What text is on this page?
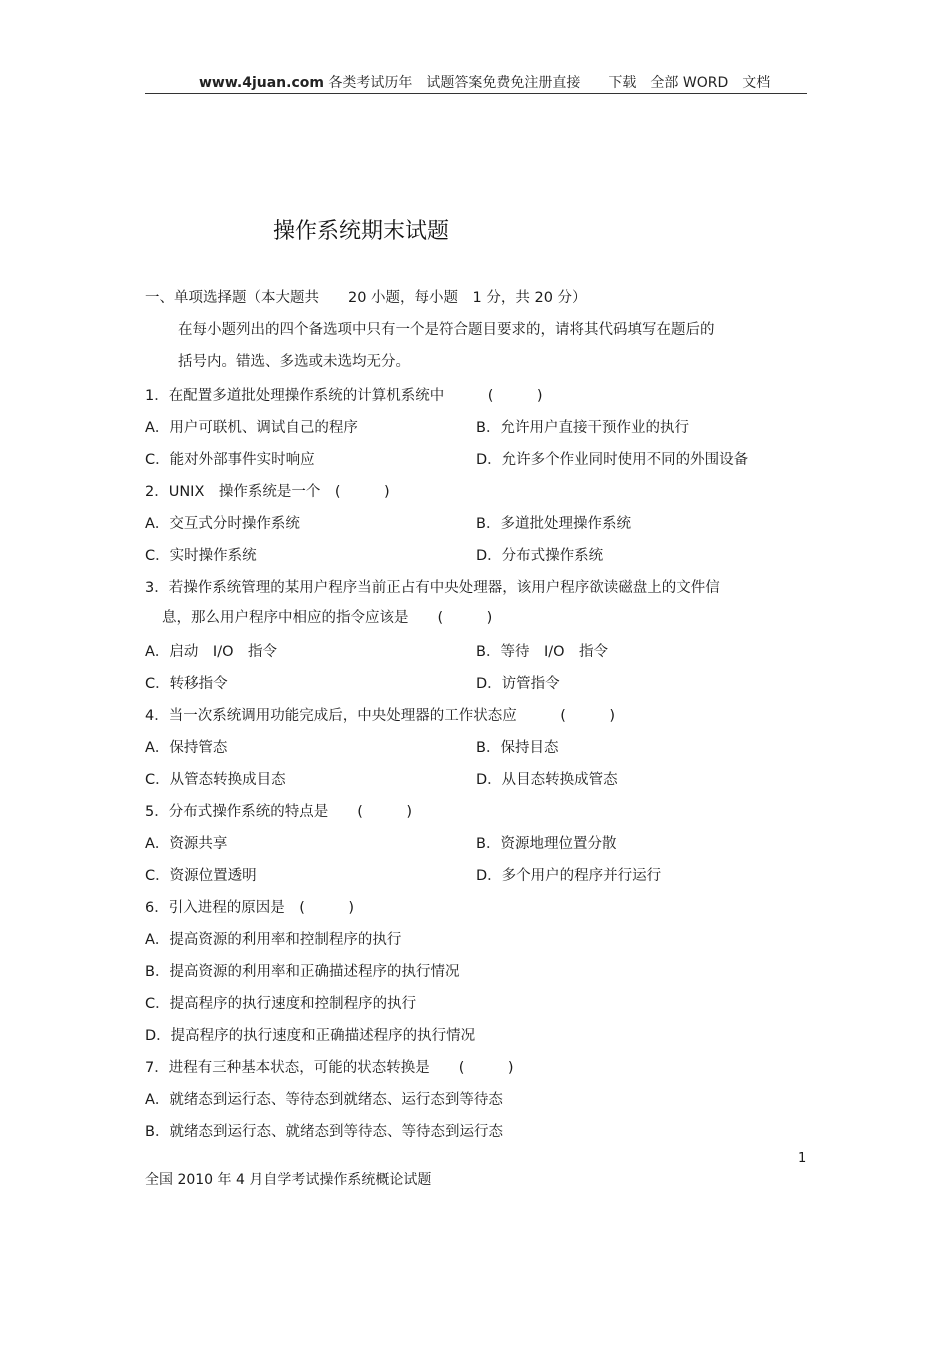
www.4juan.com 各类考试历年　试题答案免费免注册直接　　下载　全部 WORD　文档
操作系统期末试题
一、单项选择题（本大题共　　20 小题，每小题　1 分，共 20 分）
在每小题列出的四个备选项中只有一个是符合题目要求的，请将其代码填写在题后的
括号内。错选、多选或未选均无分。
1．在配置多道批处理操作系统的计算机系统中　　　(　　　)
A．用户可联机、调试自己的程序	B．允许用户直接干预作业的执行
C．能对外部事件实时响应	D．允许多个作业同时使用不同的外围设备
2．UNIX　操作系统是一个　(　　　)
A．交互式分时操作系统	B．多道批处理操作系统
C．实时操作系统	D．分布式操作系统
3．若操作系统管理的某用户程序当前正占有中央处理器，该用户程序欲读磁盘上的文件信
息，那么用户程序中相应的指令应该是　　(　　　)
A．启动　I/O　指令	B．等待　I/O　指令
C．转移指令	D．访管指令
4．当一次系统调用功能完成后，中央处理器的工作状态应　　　(　　　)
A．保持管态	B．保持目态
C．从管态转换成目态	D．从目态转换成管态
5．分布式操作系统的特点是　　(　　　)
A．资源共享	B．资源地理位置分散
C．资源位置透明	D．多个用户的程序并行运行
6．引入进程的原因是　(　　　)
A．提高资源的利用率和控制程序的执行
B．提高资源的利用率和正确描述程序的执行情况
C．提高程序的执行速度和控制程序的执行
D．提高程序的执行速度和正确描述程序的执行情况
7．进程有三种基本状态，可能的状态转换是　　(　　　)
A．就绪态到运行态、等待态到就绪态、运行态到等待态
B．就绪态到运行态、就绪态到等待态、等待态到运行态
1
全国 2010 年 4 月自学考试操作系统概论试题
